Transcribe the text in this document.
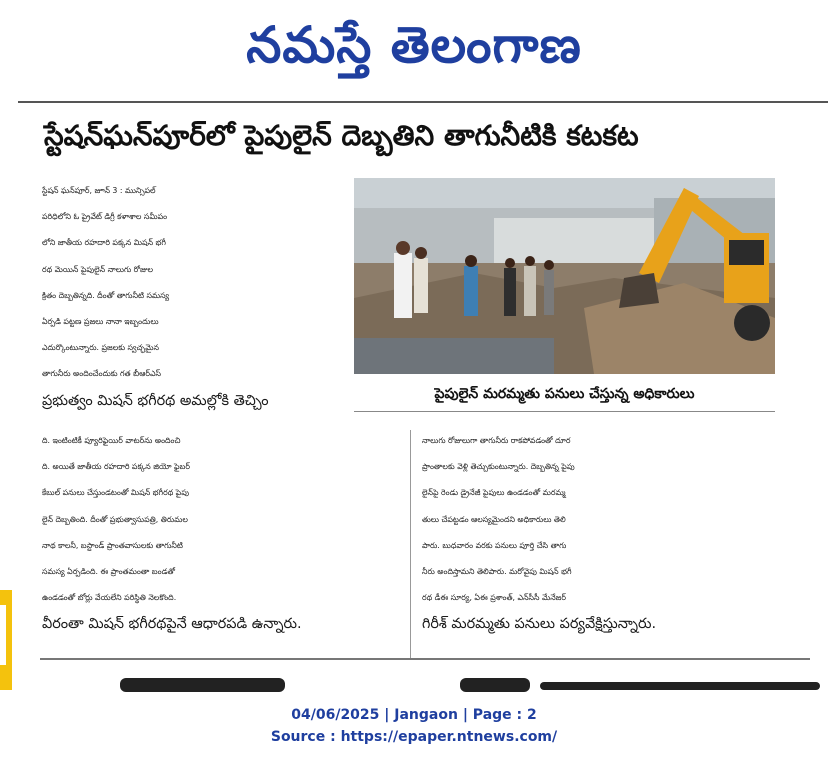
నమస్తే తెలంగాణ
స్టేషన్‌ఘన్‌పూర్‌లో పైపులైన్ దెబ్బతిని తాగునీటికి కటకట
స్టేషన్ ఘన్‌పూర్, జూన్ 3 : మున్సిపల్
పరిధిలోని ఓ ప్రైవేట్ డిగ్రీ కళాశాల సమీపం
లోని జాతీయ రహదారి పక్కన మిషన్ భగీ
రథ మెయిన్ పైపులైన్ నాలుగు రోజుల
క్రితం దెబ్బతిన్నది. దీంతో తాగునీటి సమస్య
ఏర్పడి పట్టణ ప్రజలు నానా ఇబ్బందులు
ఎదుర్కొంటున్నారు. ప్రజలకు స్వచ్ఛమైన
తాగునీరు అందించేందుకు గత బీఆర్‌ఎస్
ప్రభుత్వం మిషన్ భగీరథ అమల్లోకి తెచ్చిం	పైపులైన్ మరమ్మతు పనులు చేస్తున్న అధికారులు
ది. ఇంటింటికీ ప్యూరిఫైయిర్ వాటర్‌ను అందించి
ది. అయితే జాతీయ రహదారి పక్కన జియో ఫైబర్
కేబుల్ పనులు చేస్తుండటంతో మిషన్ భగీరథ పైపు
లైన్ దెబ్బతింది. దీంతో ప్రభుత్వాసుపత్రి, తిరుమల
నాథ కాలనీ, బస్టాండ్ ప్రాంతవాసులకు తాగునీటి
సమస్య ఏర్పడింది. ఈ ప్రాంతమంతా బండతో
ఉండడంతో బోర్లు వేయలేని పరిస్థితి నెలకొంది.
వీరంతా మిషన్ భగీరథపైనే ఆధారపడి ఉన్నారు.
నాలుగు రోజులుగా తాగునీరు రాకపోవడంతో దూర
ప్రాంతాలకు వెళ్లి తెచ్చుకుంటున్నారు. దెబ్బతిన్న పైపు
లైన్‌పై రెండు డ్రైనేజీ పైపులు ఉండడంతో మరమ్మ
తులు చేపట్టడం ఆలస్యమైందని అధికారులు తెలి
పారు. బుధవారం వరకు పనులు పూర్తి చేసి తాగు
నీరు అందిస్తామని తెలిపారు. మరోవైపు మిషన్ భగీ
రథ డీఈ సూర్య, ఏఈ ప్రశాంత్, ఎన్‌సీసీ మేనేజర్
గిరీశ్ మరమ్మతు పనులు పర్యవేక్షిస్తున్నారు.
04/06/2025 | Jangaon | Page : 2
Source : https://epaper.ntnews.com/
